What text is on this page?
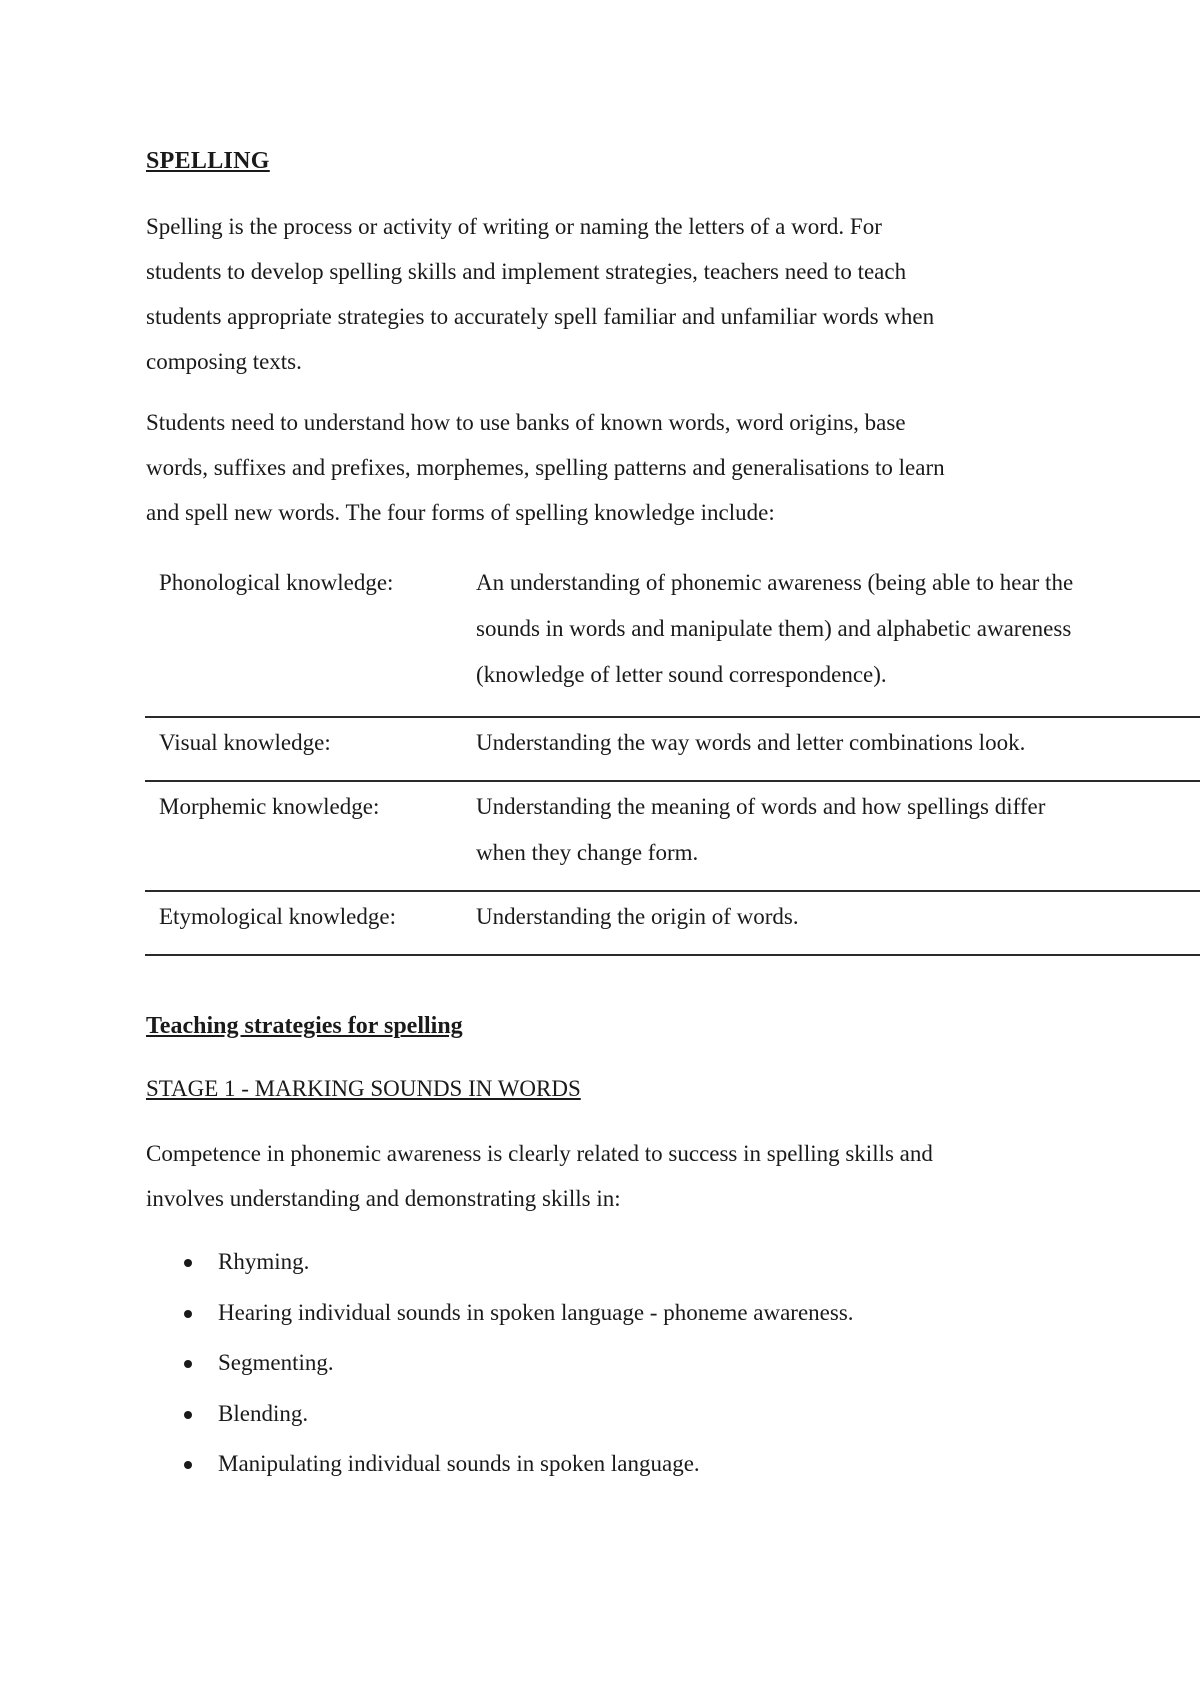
SPELLING

Spelling is the process or activity of writing or naming the letters of a word. For
students to develop spelling skills and implement strategies, teachers need to teach
students appropriate strategies to accurately spell familiar and unfamiliar words when
composing texts.

Students need to understand how to use banks of known words, word origins, base
words, suffixes and prefixes, morphemes, spelling patterns and generalisations to learn
and spell new words. The four forms of spelling knowledge include:

Phonological knowledge:	An understanding of phonemic awareness (being able to hear the
sounds in words and manipulate them) and alphabetic awareness
(knowledge of letter sound correspondence).
Visual knowledge:	Understanding the way words and letter combinations look.
Morphemic knowledge:	Understanding the meaning of words and how spellings differ
when they change form.
Etymological knowledge:	Understanding the origin of words.
Teaching strategies for spelling
STAGE 1 - MARKING SOUNDS IN WORDS

Competence in phonemic awareness is clearly related to success in spelling skills and
involves understanding and demonstrating skills in:

Rhyming.
Hearing individual sounds in spoken language - phoneme awareness.
Segmenting.
Blending.
Manipulating individual sounds in spoken language.
